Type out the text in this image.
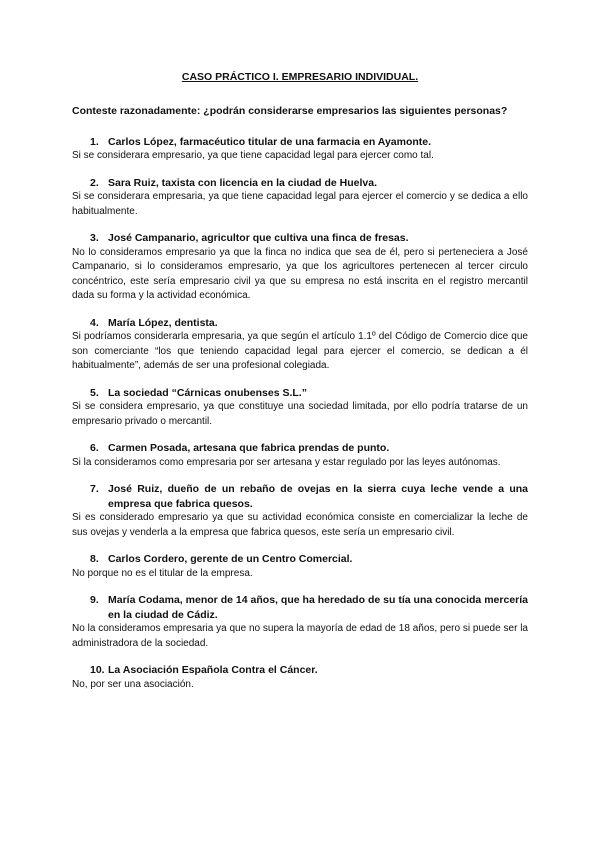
CASO PRÁCTICO I. EMPRESARIO INDIVIDUAL.

Conteste razonadamente: ¿podrán considerarse empresarios las siguientes personas?

1. Carlos López, farmacéutico titular de una farmacia en Ayamonte.

Si se considerara empresario, ya que tiene capacidad legal para ejercer como tal.

2. Sara Ruiz, taxista con licencia en la ciudad de Huelva.

Si se considerara empresaria, ya que tiene capacidad legal para ejercer el comercio y se dedica a ello habitualmente.

3. José Campanario, agricultor que cultiva una finca de fresas.

No lo consideramos empresario ya que la finca no indica que sea de él, pero si perteneciera a José Campanario, si lo consideramos empresario, ya que los agricultores pertenecen al tercer circulo concéntrico, este sería empresario civil ya que su empresa no está inscrita en el registro mercantil dada su forma y la actividad económica.

4. María López, dentista.

Si podríamos considerarla empresaria, ya que según el artículo 1.1º del Código de Comercio dice que son comerciante “los que teniendo capacidad legal para ejercer el comercio, se dedican a él habitualmente”, además de ser una profesional colegiada.

5. La sociedad “Cárnicas onubenses S.L.”

Si se considera empresario, ya que constituye una sociedad limitada, por ello podría tratarse de un empresario privado o mercantil.

6. Carmen Posada, artesana que fabrica prendas de punto.

Si la consideramos como empresaria por ser artesana y estar regulado por las leyes autónomas.

7. José Ruiz, dueño de un rebaño de ovejas en la sierra cuya leche vende a una empresa que fabrica quesos.

Si es considerado empresario ya que su actividad económica consiste en comercializar la leche de sus ovejas y venderla a la empresa que fabrica quesos, este sería un empresario civil.

8. Carlos Cordero, gerente de un Centro Comercial.

No porque no es el titular de la empresa.

9. María Codama, menor de 14 años, que ha heredado de su tía una conocida mercería en la ciudad de Cádiz.

No la consideramos empresaria ya que no supera la mayoría de edad de 18 años, pero si puede ser la administradora de la sociedad.

10. La Asociación Española Contra el Cáncer.

No, por ser una asociación.
